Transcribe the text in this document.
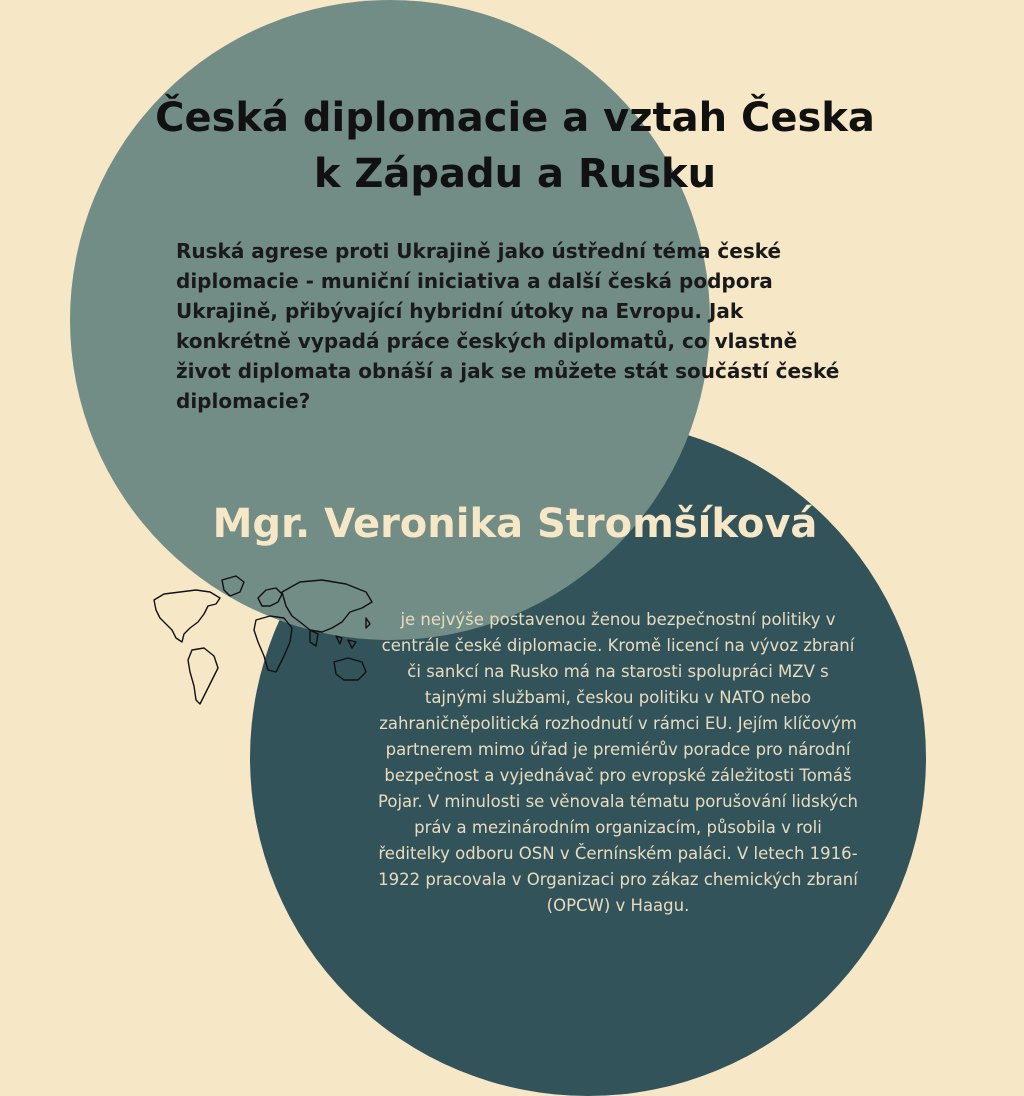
Česká diplomacie a vztah Česka k Západu a Rusku

Ruská agrese proti Ukrajině jako ústřední téma české diplomacie - muniční iniciativa a další česká podpora Ukrajině, přibývající hybridní útoky na Evropu. Jak konkrétně vypadá práce českých diplomatů, co vlastně život diplomata obnáší a jak se můžete stát součástí české diplomacie?

Mgr. Veronika Stromšíková

je nejvýše postavenou ženou bezpečnostní politiky v centrále české diplomacie. Kromě licencí na vývoz zbraní či sankcí na Rusko má na starosti spolupráci MZV s tajnými službami, českou politiku v NATO nebo zahraničněpolitická rozhodnutí v rámci EU. Jejím klíčovým partnerem mimo úřad je premiérův poradce pro národní bezpečnost a vyjednávač pro evropské záležitosti Tomáš Pojar. V minulosti se věnovala tématu porušování lidských práv a mezinárodním organizacím, působila v roli ředitelky odboru OSN v Černínském paláci. V letech 1916-1922 pracovala v Organizaci pro zákaz chemických zbraní (OPCW) v Haagu.
